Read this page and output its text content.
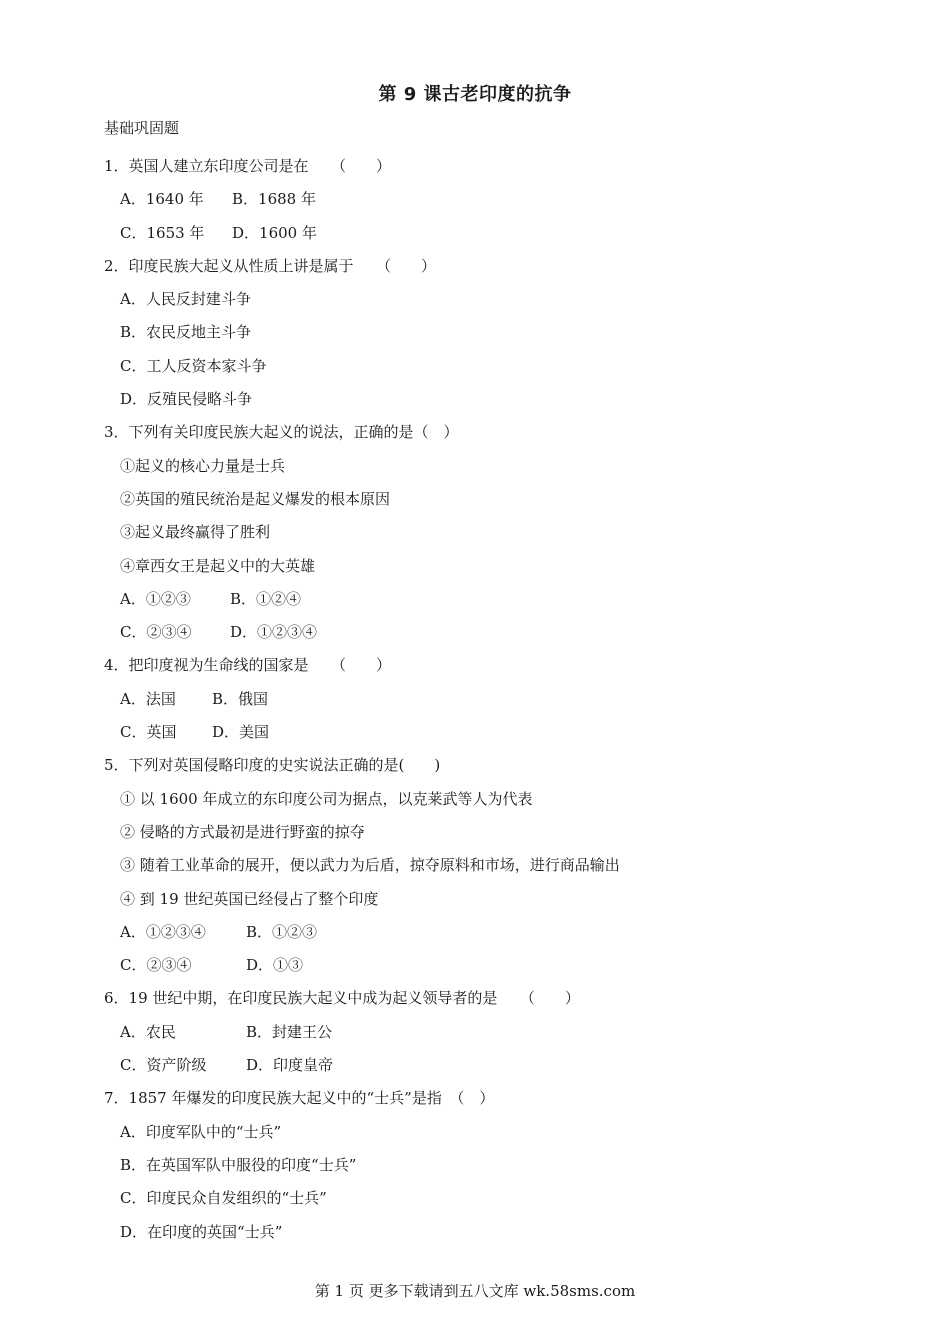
第 9 课古老印度的抗争
基础巩固题
1．英国人建立东印度公司是在　　（　　）
A．1640 年	B．1688 年
C．1653 年	D．1600 年
2．印度民族大起义从性质上讲是属于　　（　　）
A．人民反封建斗争
B．农民反地主斗争
C．工人反资本家斗争
D．反殖民侵略斗争
3．下列有关印度民族大起义的说法，正确的是（　）
①起义的核心力量是士兵
②英国的殖民统治是起义爆发的根本原因
③起义最终赢得了胜利
④章西女王是起义中的大英雄
A．①②③	B．①②④
C．②③④	D．①②③④
4．把印度视为生命线的国家是　　（　　）
A．法国	B．俄国
C．英国	D．美国
5．下列对英国侵略印度的史实说法正确的是(　　)
① 以 1600 年成立的东印度公司为据点，以克莱武等人为代表
② 侵略的方式最初是进行野蛮的掠夺
③ 随着工业革命的展开，便以武力为后盾，掠夺原料和市场，进行商品输出
④ 到 19 世纪英国已经侵占了整个印度
A．①②③④	B．①②③
C．②③④	D．①③
6．19 世纪中期，在印度民族大起义中成为起义领导者的是　　（　　）
A．农民	B．封建王公
C．资产阶级	D．印度皇帝
7．1857 年爆发的印度民族大起义中的“士兵”是指　（　）
A．印度军队中的“士兵”
B．在英国军队中服役的印度“士兵”
C．印度民众自发组织的“士兵”
D．在印度的英国“士兵”
第 1 页 更多下载请到五八文库 wk.58sms.com
